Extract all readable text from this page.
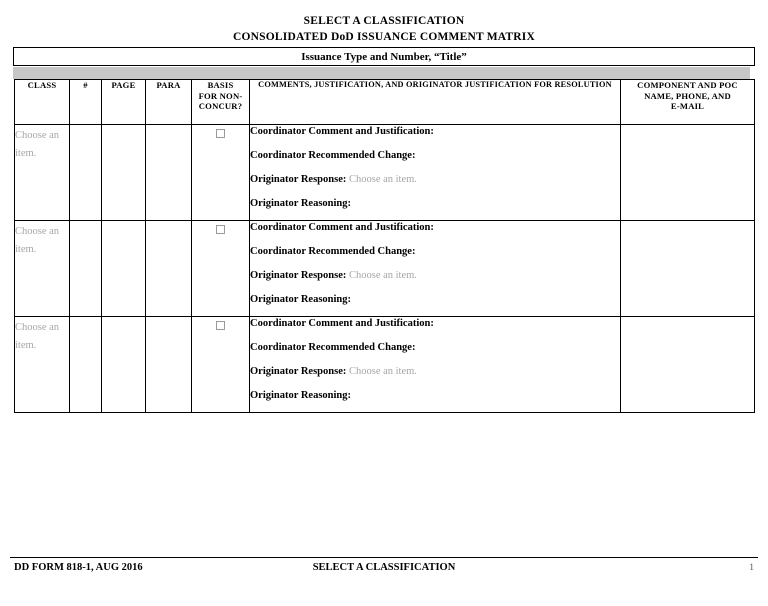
SELECT A CLASSIFICATION
CONSOLIDATED DoD ISSUANCE COMMENT MATRIX
Issuance Type and Number, “Title”
CLASS	#	PAGE	PARA	BASIS
FOR NON-
CONCUR?	COMMENTS, JUSTIFICATION, AND ORIGINATOR JUSTIFICATION FOR RESOLUTION	COMPONENT AND POC
NAME, PHONE, AND
E-MAIL
Choose an item.					Coordinator Comment and Justification:
Coordinator Recommended Change:
Originator Response: Choose an item.
Originator Reasoning:	

Choose an item.					Coordinator Comment and Justification:
Coordinator Recommended Change:
Originator Response: Choose an item.
Originator Reasoning:	

Choose an item.					Coordinator Comment and Justification:
Coordinator Recommended Change:
Originator Response: Choose an item.
Originator Reasoning:	

DD FORM 818-1, AUG 2016	SELECT A CLASSIFICATION	1
